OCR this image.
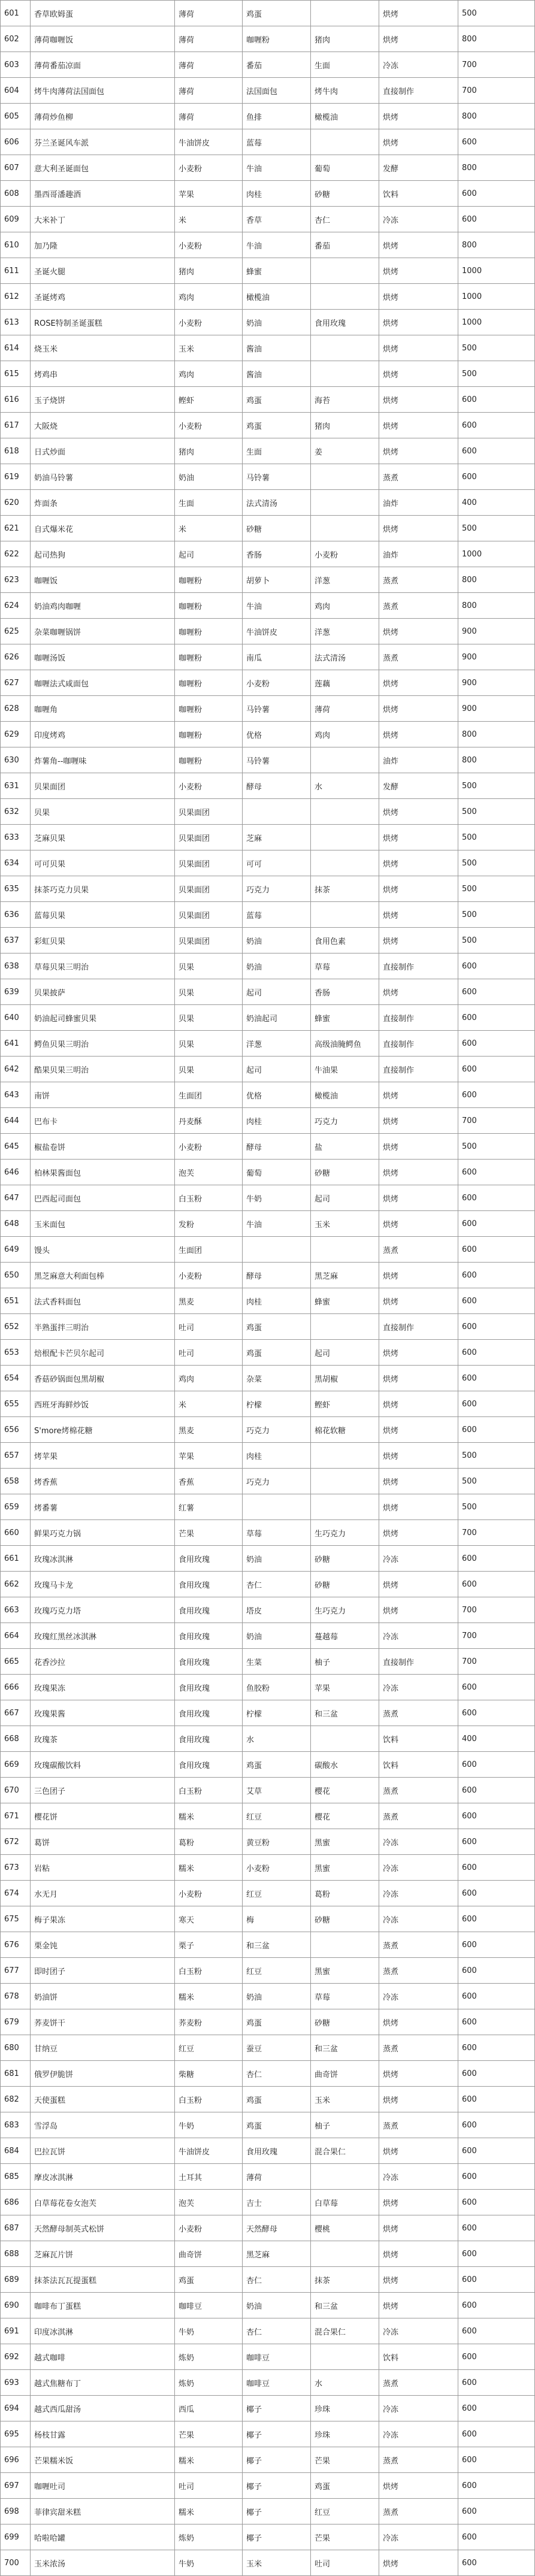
601	香草欧姆蛋	薄荷	鸡蛋		烘烤	500
602	薄荷咖喱饭	薄荷	咖喱粉	猪肉	烘烤	800
603	薄荷番茄凉面	薄荷	番茄	生面	冷冻	700
604	烤牛肉薄荷法国面包	薄荷	法国面包	烤牛肉	直接制作	700
605	薄荷炒鱼柳	薄荷	鱼排	橄榄油	烘烤	800
606	芬兰圣诞风车派	牛油饼皮	蓝莓		烘烤	600
607	意大利圣诞面包	小麦粉	牛油	葡萄	发酵	800
608	墨西哥潘趣酒	苹果	肉桂	砂糖	饮料	600
609	大米补丁	米	香草	杏仁	冷冻	600
610	加乃隆	小麦粉	牛油	番茄	烘烤	800
611	圣诞火腿	猪肉	蜂蜜		烘烤	1000
612	圣诞烤鸡	鸡肉	橄榄油		烘烤	1000
613	ROSE特制圣诞蛋糕	小麦粉	奶油	食用玫瑰	烘烤	1000
614	烧玉米	玉米	酱油		烘烤	500
615	烤鸡串	鸡肉	酱油		烘烤	500
616	玉子烧饼	鲣虾	鸡蛋	海苔	烘烤	600
617	大阪烧	小麦粉	鸡蛋	猪肉	烘烤	600
618	日式炒面	猪肉	生面	姜	烘烤	600
619	奶油马铃薯	奶油	马铃薯		蒸煮	600
620	炸面条	生面	法式清汤		油炸	400
621	自式爆米花	米	砂糖		烘烤	500
622	起司热狗	起司	香肠	小麦粉	油炸	1000
623	咖喱饭	咖喱粉	胡萝卜	洋葱	蒸煮	800
624	奶油鸡肉咖喱	咖喱粉	牛油	鸡肉	蒸煮	800
625	杂菜咖喱锅饼	咖喱粉	牛油饼皮	洋葱	烘烤	900
626	咖喱汤饭	咖喱粉	南瓜	法式清汤	蒸煮	900
627	咖喱法式咸面包	咖喱粉	小麦粉	莲藕	烘烤	900
628	咖喱角	咖喱粉	马铃薯	薄荷	烘烤	900
629	印度烤鸡	咖喱粉	优格	鸡肉	烘烤	800
630	炸薯角--咖喱味	咖喱粉	马铃薯		油炸	800
631	贝果面团	小麦粉	酵母	水	发酵	500
632	贝果	贝果面团			烘烤	500
633	芝麻贝果	贝果面团	芝麻		烘烤	500
634	可可贝果	贝果面团	可可		烘烤	500
635	抹茶巧克力贝果	贝果面团	巧克力	抹茶	烘烤	500
636	蓝莓贝果	贝果面团	蓝莓		烘烤	500
637	彩虹贝果	贝果面团	奶油	食用色素	烘烤	500
638	草莓贝果三明治	贝果	奶油	草莓	直接制作	600
639	贝果披萨	贝果	起司	香肠	烘烤	600
640	奶油起司蜂蜜贝果	贝果	奶油起司	蜂蜜	直接制作	600
641	鳄鱼贝果三明治	贝果	洋葱	高级油腌鳄鱼	直接制作	600
642	酷果贝果三明治	贝果	起司	牛油果	直接制作	600
643	南饼	生面团	优格	橄榄油	烘烤	600
644	巴布卡	丹麦酥	肉桂	巧克力	烘烤	700
645	椒盐卷饼	小麦粉	酵母	盐	烘烤	500
646	柏林果酱面包	泡芙	葡萄	砂糖	烘烤	600
647	巴西起司面包	白玉粉	牛奶	起司	烘烤	600
648	玉米面包	发粉	牛油	玉米	烘烤	600
649	馒头	生面团			蒸煮	600
650	黑芝麻意大利面包棒	小麦粉	酵母	黑芝麻	烘烤	600
651	法式香料面包	黑麦	肉桂	蜂蜜	烘烤	600
652	半熟蛋拌三明治	吐司	鸡蛋		直接制作	600
653	焙根配卡芒贝尔起司	吐司	鸡蛋	起司	烘烤	600
654	香菇砂锅面包黑胡椒	鸡肉	杂菜	黑胡椒	烘烤	600
655	西班牙海鲜炒饭	米	柠檬	鲣虾	烘烤	600
656	S'more烤棉花糖	黑麦	巧克力	棉花软糖	烘烤	600
657	烤苹果	苹果	肉桂		烘烤	500
658	烤香蕉	香蕉	巧克力		烘烤	500
659	烤番薯	红薯			烘烤	500
660	鲜果巧克力锅	芒果	草莓	生巧克力	烘烤	700
661	玫瑰冰淇淋	食用玫瑰	奶油	砂糖	冷冻	600
662	玫瑰马卡龙	食用玫瑰	杏仁	砂糖	烘烤	600
663	玫瑰巧克力塔	食用玫瑰	塔皮	生巧克力	烘烤	700
664	玫瑰红黑丝冰淇淋	食用玫瑰	奶油	蔓越莓	冷冻	700
665	花香沙拉	食用玫瑰	生菜	柚子	直接制作	700
666	玫瑰果冻	食用玫瑰	鱼胶粉	苹果	冷冻	600
667	玫瑰果酱	食用玫瑰	柠檬	和三盆	蒸煮	600
668	玫瑰茶	食用玫瑰	水		饮料	400
669	玫瑰碳酸饮料	食用玫瑰	鸡蛋	碳酸水	饮料	600
670	三色团子	白玉粉	艾草	樱花	蒸煮	600
671	樱花饼	糯米	红豆	樱花	蒸煮	600
672	葛饼	葛粉	黄豆粉	黑蜜	冷冻	600
673	岩粘	糯米	小麦粉	黑蜜	冷冻	600
674	水无月	小麦粉	红豆	葛粉	冷冻	600
675	梅子果冻	寒天	梅	砂糖	冷冻	600
676	栗金饨	栗子	和三盆		蒸煮	600
677	即时团子	白玉粉	红豆	黑蜜	蒸煮	600
678	奶油饼	糯米	奶油	草莓	冷冻	600
679	荞麦饼干	荞麦粉	鸡蛋	砂糖	烘烤	600
680	甘纳豆	红豆	蚕豆	和三盆	蒸煮	600
681	俄罗伊脆饼	柴糖	杏仁	曲奇饼	烘烤	600
682	天使蛋糕	白玉粉	鸡蛋	玉米	烘烤	600
683	雪浮岛	牛奶	鸡蛋	柚子	蒸煮	600
684	巴拉瓦饼	牛油饼皮	食用玫瑰	混合果仁	烘烤	600
685	摩皮冰淇淋	土耳其	薄荷		冷冻	600
686	白草莓花卷女泡芙	泡芙	吉士	白草莓	烘烤	600
687	天然酵母制英式松饼	小麦粉	天然酵母	樱桃	烘烤	600
688	芝麻瓦片饼	曲奇饼	黑芝麻		烘烤	600
689	抹茶法瓦瓦提蛋糕	鸡蛋	杏仁	抹茶	烘烤	600
690	咖啡布丁蛋糕	咖啡豆	奶油	和三盆	烘烤	600
691	印度冰淇淋	牛奶	杏仁	混合果仁	冷冻	600
692	越式咖啡	炼奶	咖啡豆		饮料	600
693	越式焦糖布丁	炼奶	咖啡豆	水	蒸煮	600
694	越式西瓜甜汤	西瓜	椰子	珍珠	冷冻	600
695	杨枝甘露	芒果	椰子	珍珠	冷冻	600
696	芒果糯米饭	糯米	椰子	芒果	蒸煮	600
697	咖喱吐司	吐司	椰子	鸡蛋	烘烤	600
698	菲律宾甜米糕	糯米	椰子	红豆	蒸煮	600
699	哈啦哈罐	炼奶	椰子	芒果	冷冻	600
700	玉米浓汤	牛奶	玉米	吐司	烘烤	600
